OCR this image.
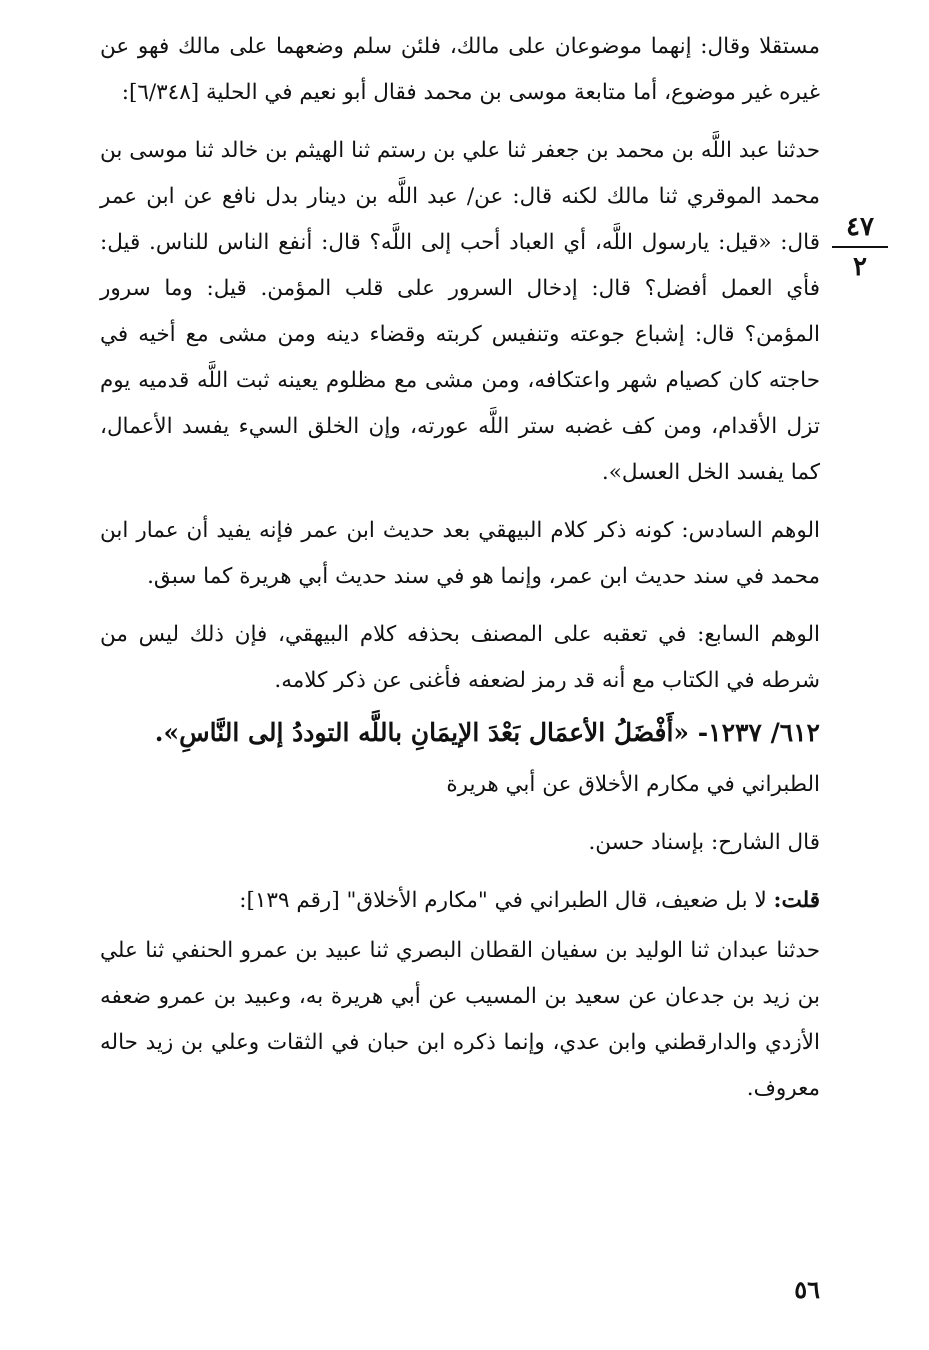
٤٧
٢

مستقلا وقال: إنهما موضوعان على مالك، فلئن سلم وضعهما على مالك فهو عن غيره غير موضوع، أما متابعة موسى بن محمد فقال أبو نعيم في الحلية [٦/٣٤٨]:

حدثنا عبد اللَّه بن محمد بن جعفر ثنا علي بن رستم ثنا الهيثم بن خالد ثنا موسى بن محمد الموقري ثنا مالك لكنه قال: عن/ عبد اللَّه بن دينار بدل نافع عن ابن عمر قال: «قيل: يارسول اللَّه، أي العباد أحب إلى اللَّه؟ قال: أنفع الناس للناس. قيل: فأي العمل أفضل؟ قال: إدخال السرور على قلب المؤمن. قيل: وما سرور المؤمن؟ قال: إشباع جوعته وتنفيس كربته وقضاء دينه ومن مشى مع أخيه في حاجته كان كصيام شهر واعتكافه، ومن مشى مع مظلوم يعينه ثبت اللَّه قدميه يوم تزل الأقدام، ومن كف غضبه ستر اللَّه عورته، وإن الخلق السيء يفسد الأعمال، كما يفسد الخل العسل».

الوهم السادس: كونه ذكر كلام البيهقي بعد حديث ابن عمر فإنه يفيد أن عمار ابن محمد في سند حديث ابن عمر، وإنما هو في سند حديث أبي هريرة كما سبق.

الوهم السابع: في تعقبه على المصنف بحذفه كلام البيهقي، فإن ذلك ليس من شرطه في الكتاب مع أنه قد رمز لضعفه فأغنى عن ذكر كلامه.

٦١٢/ ١٢٣٧- «أَفْضَلُ الأعمَال بَعْدَ الإيمَانِ باللَّه التوددُ إلى النَّاسِ».

الطبراني في مكارم الأخلاق عن أبي هريرة

قال الشارح: بإسناد حسن.

قلت: لا بل ضعيف، قال الطبراني في "مكارم الأخلاق" [رقم ١٣٩]:

حدثنا عبدان ثنا الوليد بن سفيان القطان البصري ثنا عبيد بن عمرو الحنفي ثنا علي بن زيد بن جدعان عن سعيد بن المسيب عن أبي هريرة به، وعبيد بن عمرو ضعفه الأزدي والدارقطني وابن عدي، وإنما ذكره ابن حبان في الثقات وعلي بن زيد حاله معروف.

٥٦
